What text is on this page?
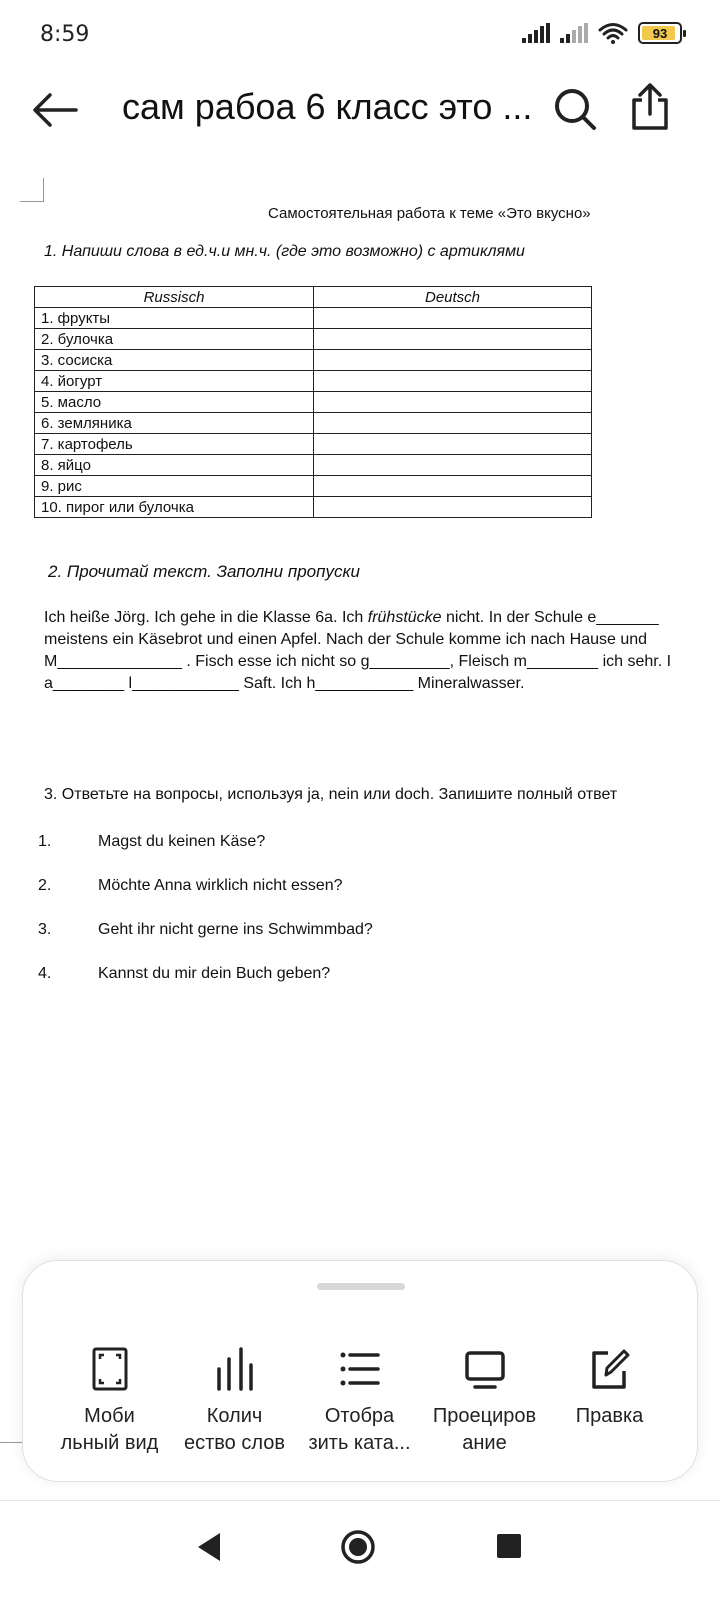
8:59	93
сам рабоа 6 класс это ...
Самостоятельная работа к теме «Это вкусно»
1. Напиши слова в ед.ч.и мн.ч. (где это возможно) с артиклями
Russisch	Deutsch
1. фрукты	
2. булочка	
3. сосиска	
4. йогурт	
5. масло	
6. земляника	
7. картофель	
8. яйцо	
9. рис	
10. пирог или булочка	
2. Прочитай текст. Заполни пропуски
Ich heiße Jörg. Ich gehe in die Klasse 6a. Ich frühstücke nicht. In der Schule e_______
meistens ein Käsebrot und einen Apfel. Nach der Schule komme ich nach Hause und
M______________ . Fisch esse ich nicht so g_________, Fleisch m________ ich sehr. I
a________ l____________ Saft. Ich h___________ Mineralwasser.
3. Ответьте на вопросы, используя ja, nein или doch. Запишите полный ответ
1.	Magst du keinen Käse?
2.	Möchte Anna wirklich nicht essen?
3.	Geht ihr nicht gerne ins Schwimmbad?
4.	Kannst du mir dein Buch geben?
Моби
льный вид
Колич
ество слов
Отобра
зить ката...
Проециров
ание
Правка
